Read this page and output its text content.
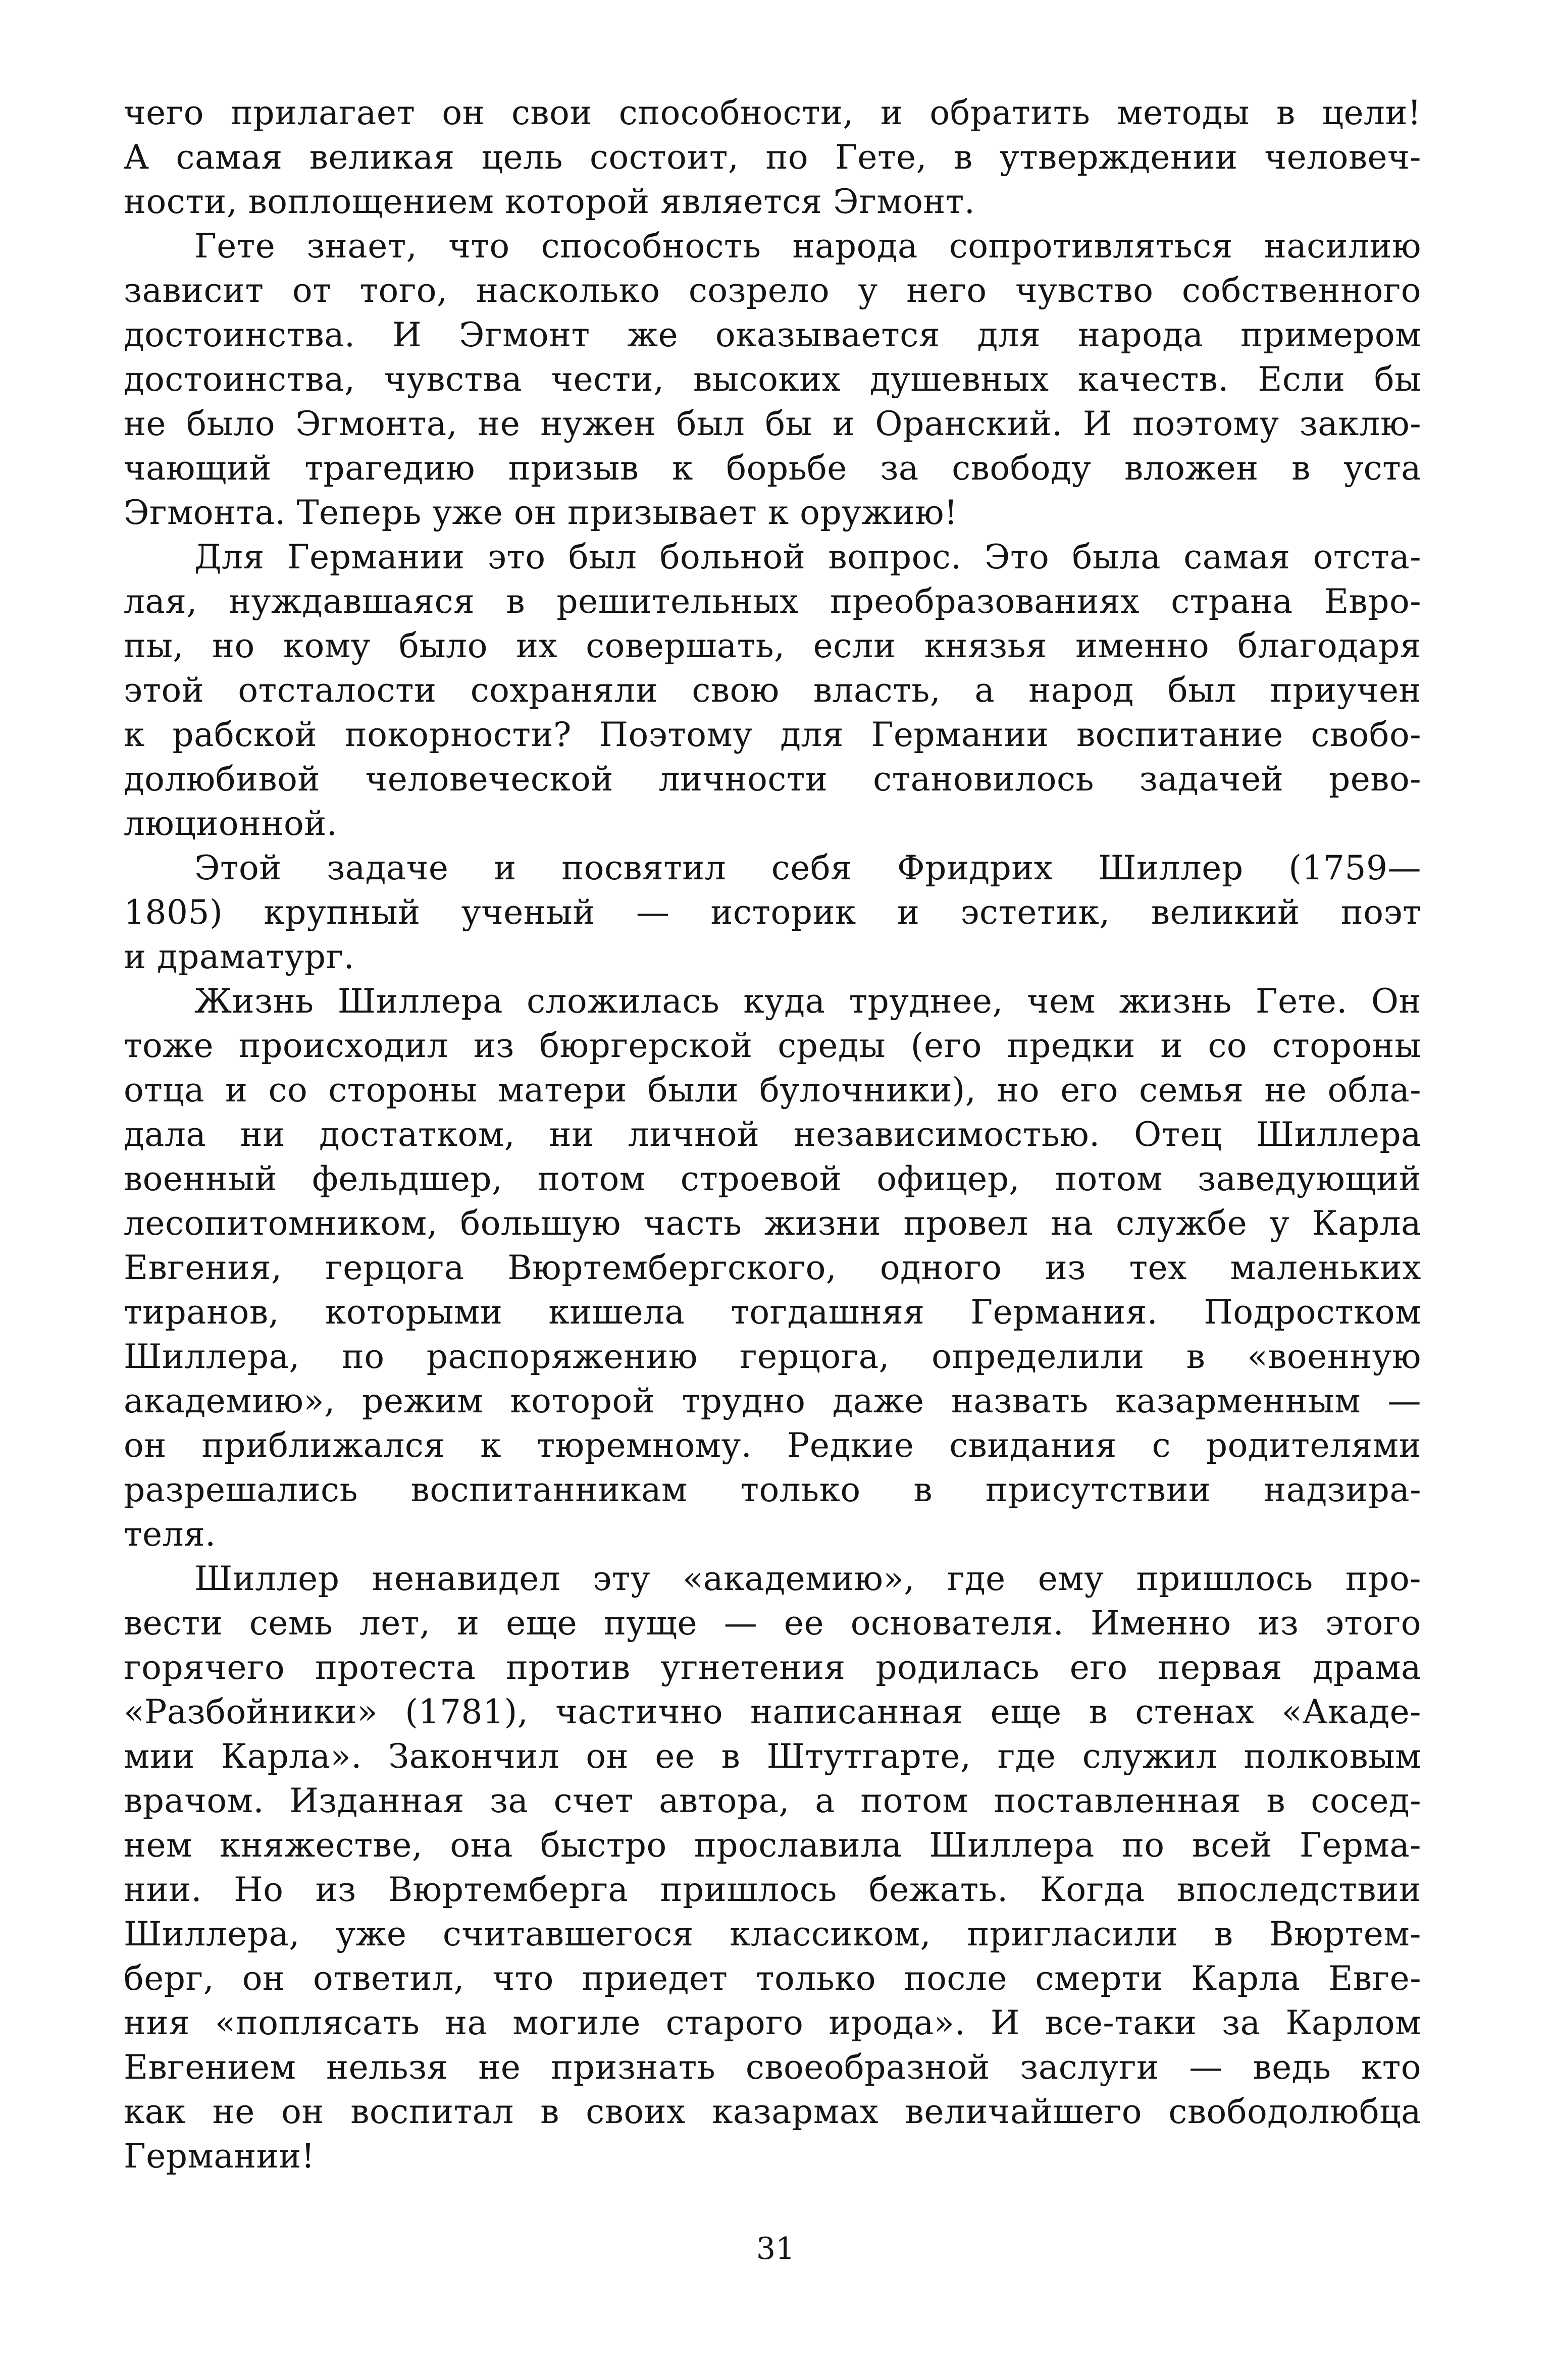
чего прилагает он свои способности, и обратить методы в цели!
А самая великая цель состоит, по Гете, в утверждении человеч-
ности, воплощением которой является Эгмонт.
Гете знает, что способность народа сопротивляться насилию
зависит от того, насколько созрело у него чувство собственного
достоинства. И Эгмонт же оказывается для народа примером
достоинства, чувства чести, высоких душевных качеств. Если бы
не было Эгмонта, не нужен был бы и Оранский. И поэтому заклю-
чающий трагедию призыв к борьбе за свободу вложен в уста
Эгмонта. Теперь уже он призывает к оружию!
Для Германии это был больной вопрос. Это была самая отста-
лая, нуждавшаяся в решительных преобразованиях страна Евро-
пы, но кому было их совершать, если князья именно благодаря
этой отсталости сохраняли свою власть, а народ был приучен
к рабской покорности? Поэтому для Германии воспитание свобо-
долюбивой человеческой личности становилось задачей рево-
люционной.
Этой задаче и посвятил себя Фридрих Шиллер (1759—
1805) крупный ученый — историк и эстетик, великий поэт
и драматург.
Жизнь Шиллера сложилась куда труднее, чем жизнь Гете. Он
тоже происходил из бюргерской среды (его предки и со стороны
отца и со стороны матери были булочники), но его семья не обла-
дала ни достатком, ни личной независимостью. Отец Шиллера
военный фельдшер, потом строевой офицер, потом заведующий
лесопитомником, большую часть жизни провел на службе у Карла
Евгения, герцога Вюртембергского, одного из тех маленьких
тиранов, которыми кишела тогдашняя Германия. Подростком
Шиллера, по распоряжению герцога, определили в «военную
академию», режим которой трудно даже назвать казарменным —
он приближался к тюремному. Редкие свидания с родителями
разрешались воспитанникам только в присутствии надзира-
теля.
Шиллер ненавидел эту «академию», где ему пришлось про-
вести семь лет, и еще пуще — ее основателя. Именно из этого
горячего протеста против угнетения родилась его первая драма
«Разбойники» (1781), частично написанная еще в стенах «Акаде-
мии Карла». Закончил он ее в Штутгарте, где служил полковым
врачом. Изданная за счет автора, а потом поставленная в сосед-
нем княжестве, она быстро прославила Шиллера по всей Герма-
нии. Но из Вюртемберга пришлось бежать. Когда впоследствии
Шиллера, уже считавшегося классиком, пригласили в Вюртем-
берг, он ответил, что приедет только после смерти Карла Евге-
ния «поплясать на могиле старого ирода». И все-таки за Карлом
Евгением нельзя не признать своеобразной заслуги — ведь кто
как не он воспитал в своих казармах величайшего свободолюбца
Германии!
31
